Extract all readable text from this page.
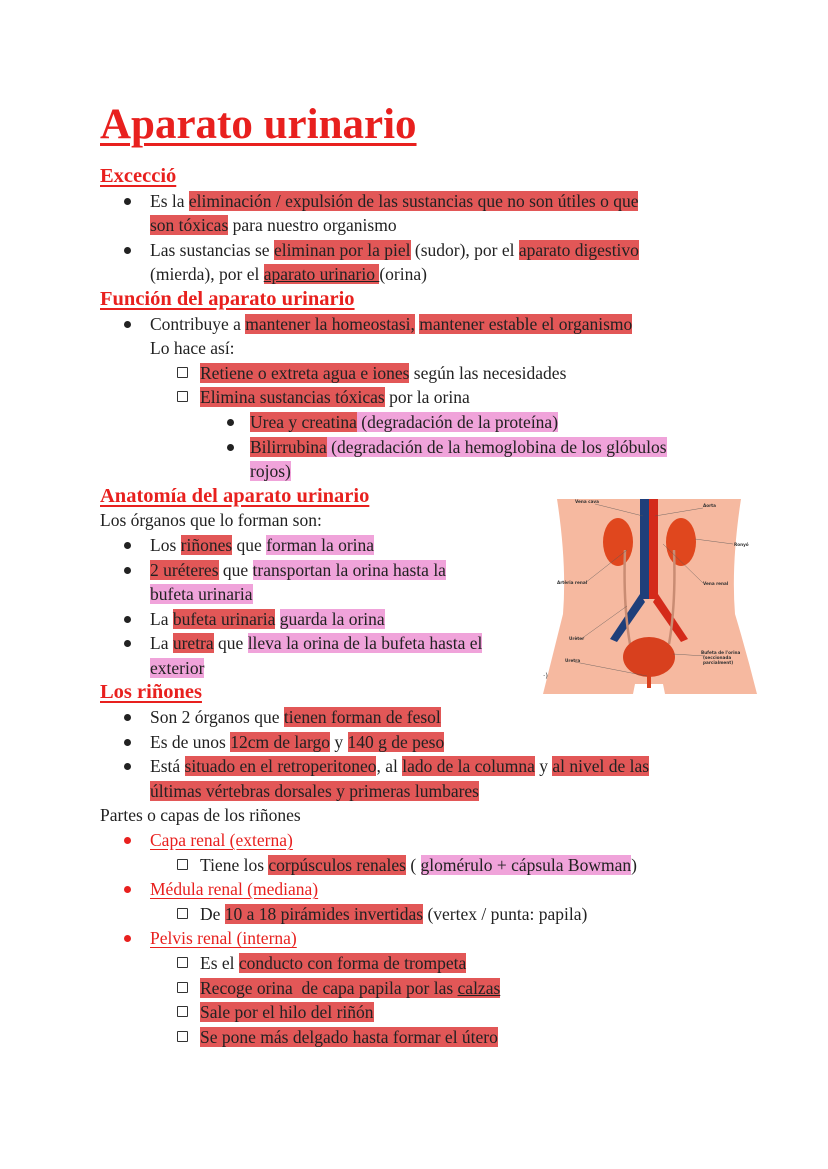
Aparato urinario
Excecció
Es la eliminación / expulsión de las sustancias que no son útiles o que
son tóxicas para nuestro organismo
Las sustancias se eliminan por la piel (sudor), por el aparato digestivo
(mierda), por el aparato urinario (orina)
Función del aparato urinario
Contribuye a mantener la homeostasi, mantener estable el organismo
Lo hace así:
Retiene o extreta agua e iones según las necesidades
Elimina sustancias tóxicas por la orina
Urea y creatina (degradación de la proteína)
Bilirrubina (degradación de la hemoglobina de los glóbulos
rojos)
Anatomía del aparato urinario
Los órganos que lo forman son:
Los riñones que forman la orina
2 uréteres que transportan la orina hasta la
bufeta urinaria
La bufeta urinaria guarda la orina
La uretra que lleva la orina de la bufeta hasta el
exterior
Los riñones
Son 2 órganos que tienen forman de fesol
Es de unos 12cm de largo y 140 g de peso
Está situado en el retroperitoneo, al lado de la columna y al nivel de las
últimas vértebras dorsales y primeras lumbares
Partes o capas de los riñones
Capa renal (externa)
Tiene los corpúsculos renales ( glomérulo + cápsula Bowman)
Médula renal (mediana)
De 10 a 18 pirámides invertidas (vertex / punta: papila)
Pelvis renal (interna)
Es el conducto con forma de trompeta
Recoge orina  de capa papila por las calzas
Sale por el hilo del riñón
Se pone más delgado hasta formar el útero
Vena cava
Aorta
Ronyó
Artèria renal	Vena renal
Urèter
Uretra
Bufeta de l'orina
(seccionada
parcialment)
·)
